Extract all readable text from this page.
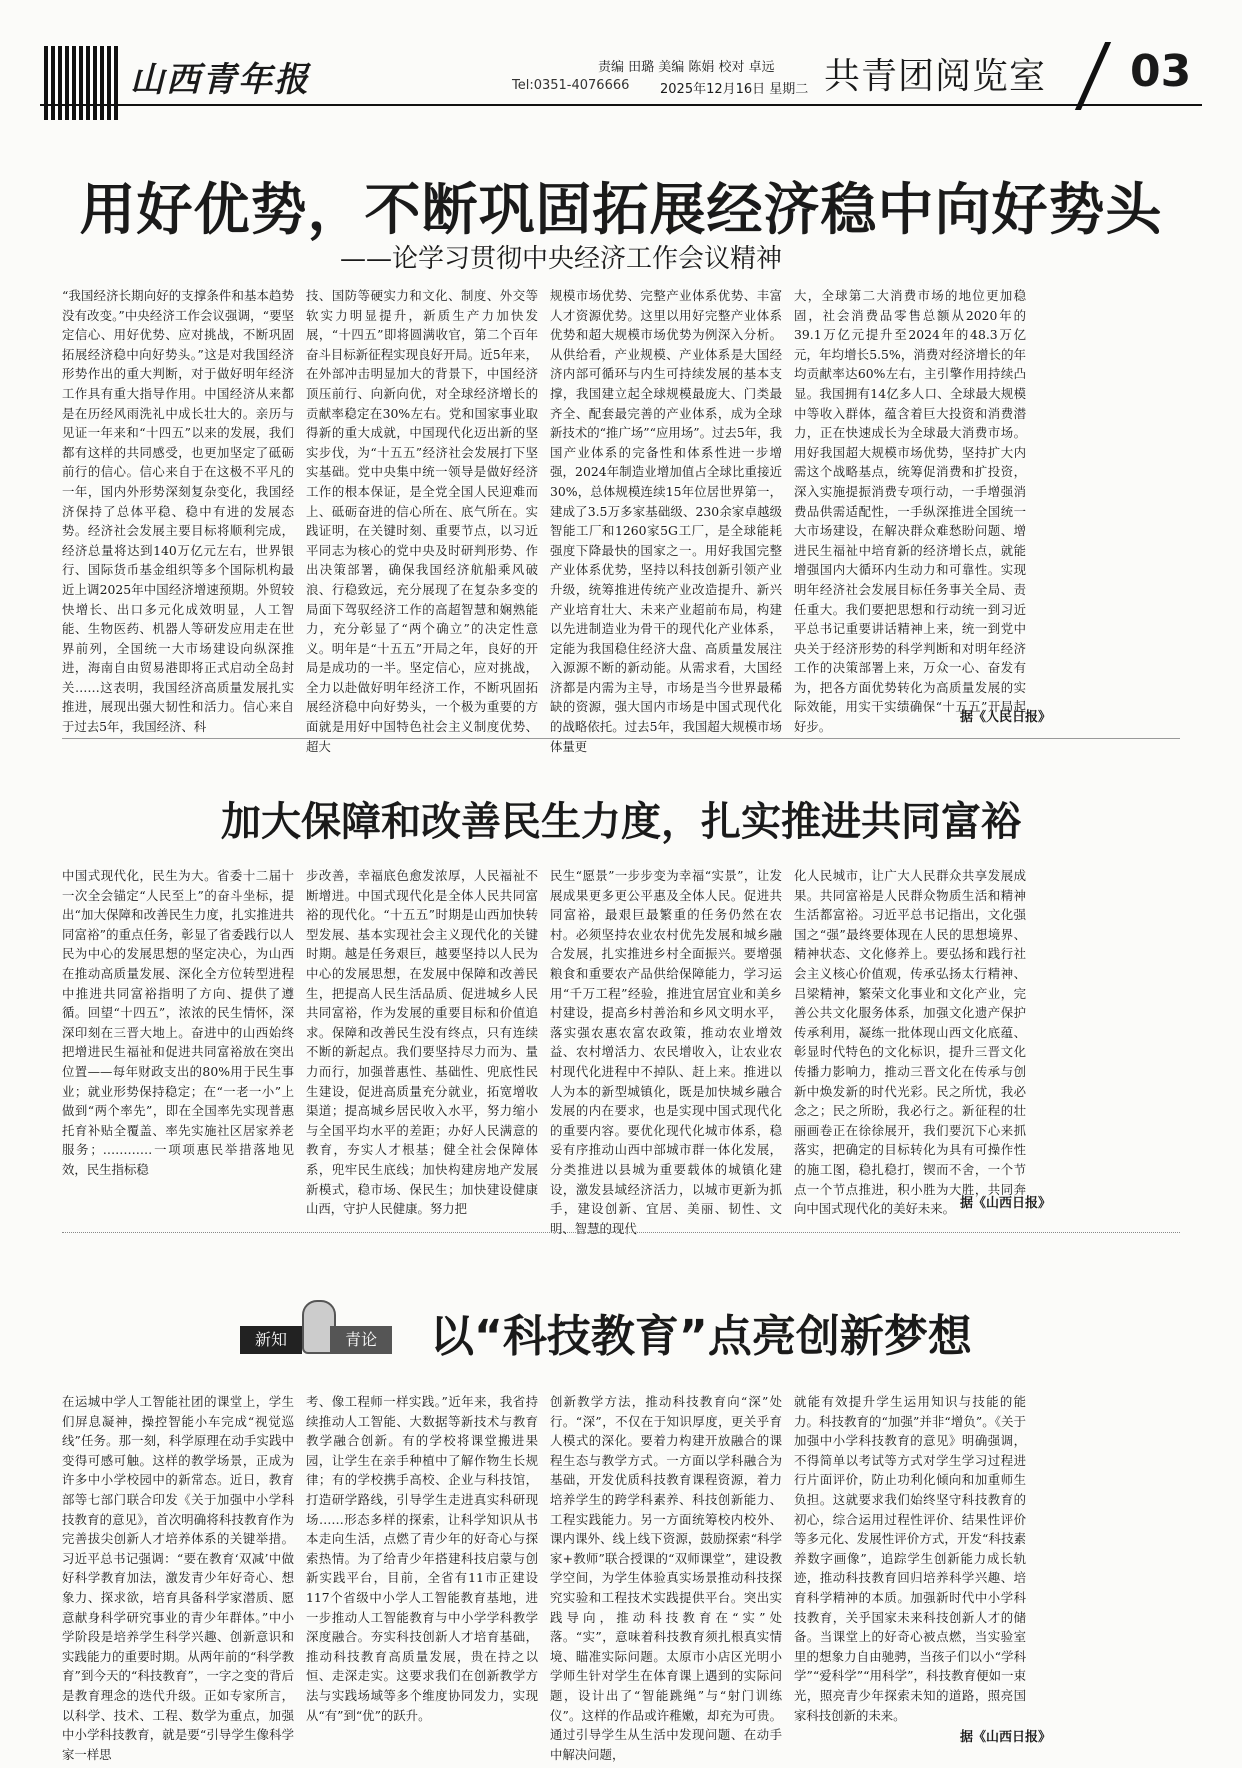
山西青年报	责编 田璐 美编 陈娟 校对 卓远
Tel:0351-4076666 2025年12月16日 星期二 共青团阅览室 03
用好优势，不断巩固拓展经济稳中向好势头
——论学习贯彻中央经济工作会议精神
“我国经济长期向好的支撑条件和基本趋势没有改变。”中央经济工作会议强调，“要坚定信心、用好优势、应对挑战，不断巩固拓展经济稳中向好势头。”这是对我国经济形势作出的重大判断，对于做好明年经济工作具有重大指导作用。中国经济从来都是在历经风雨洗礼中成长壮大的。亲历与见证一年来和“十四五”以来的发展，我们都有这样的共同感受，也更加坚定了砥砺前行的信心。信心来自于在这极不平凡的一年，国内外形势深刻复杂变化，我国经济保持了总体平稳、稳中有进的发展态势。经济社会发展主要目标将顺利完成，经济总量将达到140万亿元左右，世界银行、国际货币基金组织等多个国际机构最近上调2025年中国经济增速预期。外贸较快增长、出口多元化成效明显，人工智能、生物医药、机器人等研发应用走在世界前列，全国统一大市场建设向纵深推进，海南自由贸易港即将正式启动全岛封关……这表明，我国经济高质量发展扎实推进，展现出强大韧性和活力。信心来自于过去5年，我国经济、科
技、国防等硬实力和文化、制度、外交等软实力明显提升，新质生产力加快发展，“十四五”即将圆满收官，第二个百年奋斗目标新征程实现良好开局。近5年来，在外部冲击明显加大的背景下，中国经济顶压前行、向新向优，对全球经济增长的贡献率稳定在30%左右。党和国家事业取得新的重大成就，中国现代化迈出新的坚实步伐，为“十五五”经济社会发展打下坚实基础。党中央集中统一领导是做好经济工作的根本保证，是全党全国人民迎难而上、砥砺奋进的信心所在、底气所在。实践证明，在关键时刻、重要节点，以习近平同志为核心的党中央及时研判形势、作出决策部署，确保我国经济航船乘风破浪、行稳致远，充分展现了在复杂多变的局面下驾驭经济工作的高超智慧和娴熟能力，充分彰显了“两个确立”的决定性意义。明年是“十五五”开局之年，良好的开局是成功的一半。坚定信心，应对挑战，全力以赴做好明年经济工作，不断巩固拓展经济稳中向好势头，一个极为重要的方面就是用好中国特色社会主义制度优势、超大
规模市场优势、完整产业体系优势、丰富人才资源优势。这里以用好完整产业体系优势和超大规模市场优势为例深入分析。从供给看，产业规模、产业体系是大国经济内部可循环与内生可持续发展的基本支撑，我国建立起全球规模最庞大、门类最齐全、配套最完善的产业体系，成为全球新技术的“推广场”“应用场”。过去5年，我国产业体系的完备性和体系性进一步增强，2024年制造业增加值占全球比重接近30%，总体规模连续15年位居世界第一，建成了3.5万多家基础级、230余家卓越级智能工厂和1260家5G工厂，是全球能耗强度下降最快的国家之一。用好我国完整产业体系优势，坚持以科技创新引领产业升级，统筹推进传统产业改造提升、新兴产业培育壮大、未来产业超前布局，构建以先进制造业为骨干的现代化产业体系，定能为我国稳住经济大盘、高质量发展注入源源不断的新动能。从需求看，大国经济都是内需为主导，市场是当今世界最稀缺的资源，强大国内市场是中国式现代化的战略依托。过去5年，我国超大规模市场体量更
大，全球第二大消费市场的地位更加稳固，社会消费品零售总额从2020年的39.1万亿元提升至2024年的48.3万亿元，年均增长5.5%，消费对经济增长的年均贡献率达60%左右，主引擎作用持续凸显。我国拥有14亿多人口、全球最大规模中等收入群体，蕴含着巨大投资和消费潜力，正在快速成长为全球最大消费市场。用好我国超大规模市场优势，坚持扩大内需这个战略基点，统筹促消费和扩投资，深入实施提振消费专项行动，一手增强消费品供需适配性，一手纵深推进全国统一大市场建设，在解决群众难愁盼问题、增进民生福祉中培育新的经济增长点，就能增强国内大循环内生动力和可靠性。实现明年经济社会发展目标任务事关全局、责任重大。我们要把思想和行动统一到习近平总书记重要讲话精神上来，统一到党中央关于经济形势的科学判断和对明年经济工作的决策部署上来，万众一心、奋发有为，把各方面优势转化为高质量发展的实际效能，用实干实绩确保“十五五”开局起好步。
据《人民日报》
加大保障和改善民生力度，扎实推进共同富裕
中国式现代化，民生为大。省委十二届十一次全会锚定“人民至上”的奋斗坐标，提出“加大保障和改善民生力度，扎实推进共同富裕”的重点任务，彰显了省委践行以人民为中心的发展思想的坚定决心，为山西在推动高质量发展、深化全方位转型进程中推进共同富裕指明了方向、提供了遵循。回望“十四五”，浓浓的民生情怀，深深印刻在三晋大地上。奋进中的山西始终把增进民生福祉和促进共同富裕放在突出位置——每年财政支出的80%用于民生事业；就业形势保持稳定；在“一老一小”上做到“两个率先”，即在全国率先实现普惠托育补贴全覆盖、率先实施社区居家养老服务；…………一项项惠民举措落地见效，民生指标稳
步改善，幸福底色愈发浓厚，人民福祉不断增进。中国式现代化是全体人民共同富裕的现代化。“十五五”时期是山西加快转型发展、基本实现社会主义现代化的关键时期。越是任务艰巨，越要坚持以人民为中心的发展思想，在发展中保障和改善民生，把提高人民生活品质、促进城乡人民共同富裕，作为发展的重要目标和价值追求。保障和改善民生没有终点，只有连续不断的新起点。我们要坚持尽力而为、量力而行，加强普惠性、基础性、兜底性民生建设，促进高质量充分就业，拓宽增收渠道；提高城乡居民收入水平，努力缩小与全国平均水平的差距；办好人民满意的教育，夯实人才根基；健全社会保障体系，兜牢民生底线；加快构建房地产发展新模式，稳市场、保民生；加快建设健康山西，守护人民健康。努力把
民生“愿景”一步步变为幸福“实景”，让发展成果更多更公平惠及全体人民。促进共同富裕，最艰巨最繁重的任务仍然在农村。必须坚持农业农村优先发展和城乡融合发展，扎实推进乡村全面振兴。要增强粮食和重要农产品供给保障能力，学习运用“千万工程”经验，推进宜居宜业和美乡村建设，提高乡村善治和乡风文明水平，落实强农惠农富农政策，推动农业增效益、农村增活力、农民增收入，让农业农村现代化进程中不掉队、赶上来。推进以人为本的新型城镇化，既是加快城乡融合发展的内在要求，也是实现中国式现代化的重要内容。要优化现代化城市体系，稳妥有序推动山西中部城市群一体化发展，分类推进以县城为重要载体的城镇化建设，激发县域经济活力，以城市更新为抓手，建设创新、宜居、美丽、韧性、文明、智慧的现代
化人民城市，让广大人民群众共享发展成果。共同富裕是人民群众物质生活和精神生活都富裕。习近平总书记指出，文化强国之“强”最终要体现在人民的思想境界、精神状态、文化修养上。要弘扬和践行社会主义核心价值观，传承弘扬太行精神、吕梁精神，繁荣文化事业和文化产业，完善公共文化服务体系，加强文化遗产保护传承利用，凝练一批体现山西文化底蕴、彰显时代特色的文化标识，提升三晋文化传播力影响力，推动三晋文化在传承与创新中焕发新的时代光彩。民之所忧，我必念之；民之所盼，我必行之。新征程的壮丽画卷正在徐徐展开，我们要沉下心来抓落实，把确定的目标转化为具有可操作性的施工图，稳扎稳打，锲而不舍，一个节点一个节点推进，积小胜为大胜，共同奔向中国式现代化的美好未来。 据《山西日报》
新知	青论	以“科技教育”点亮创新梦想
在运城中学人工智能社团的课堂上，学生们屏息凝神，操控智能小车完成“视觉巡线”任务。那一刻，科学原理在动手实践中变得可感可触。这样的教学场景，正成为许多中小学校园中的新常态。近日，教育部等七部门联合印发《关于加强中小学科技教育的意见》，首次明确将科技教育作为完善拔尖创新人才培养体系的关键举措。习近平总书记强调：“要在教育‘双减’中做好科学教育加法，激发青少年好奇心、想象力、探求欲，培育具备科学家潜质、愿意献身科学研究事业的青少年群体。”中小学阶段是培养学生科学兴趣、创新意识和实践能力的重要时期。从两年前的“科学教育”到今天的“科技教育”，一字之变的背后是教育理念的迭代升级。正如专家所言，以科学、技术、工程、数学为重点，加强中小学科技教育，就是要“引导学生像科学家一样思
考、像工程师一样实践。”近年来，我省持续推动人工智能、大数据等新技术与教育教学融合创新。有的学校将课堂搬进果园，让学生在亲手种植中了解作物生长规律；有的学校携手高校、企业与科技馆，打造研学路线，引导学生走进真实科研现场……形态多样的探索，让科学知识从书本走向生活，点燃了青少年的好奇心与探索热情。为了给青少年搭建科技启蒙与创新实践平台，目前，全省有11市正建设117个省级中小学人工智能教育基地，进一步推动人工智能教育与中小学学科教学深度融合。夯实科技创新人才培育基础，推动科技教育高质量发展，贵在持之以恒、走深走实。这要求我们在创新教学方法与实践场域等多个维度协同发力，实现从“有”到“优”的跃升。
创新教学方法，推动科技教育向“深”处行。“深”，不仅在于知识厚度，更关乎育人模式的深化。要着力构建开放融合的课程生态与教学方式。一方面以学科融合为基础，开发优质科技教育课程资源，着力培养学生的跨学科素养、科技创新能力、工程实践能力。另一方面统筹校内校外、课内课外、线上线下资源，鼓励探索“科学家+教师”联合授课的“双师课堂”，建设教学空间，为学生体验真实场景推动科技探究实验和工程技术实践提供平台。突出实践导向，推动科技教育在“实”处落。“实”，意味着科技教育须扎根真实情境、瞄准实际问题。太原市小店区光明小学师生针对学生在体育课上遇到的实际问题，设计出了“智能跳绳”与“射门训练仪”。这样的作品或许稚嫩，却充为可贵。通过引导学生从生活中发现问题、在动手中解决问题，
就能有效提升学生运用知识与技能的能力。科技教育的“加强”并非“增负”。《关于加强中小学科技教育的意见》明确强调，不得简单以考试等方式对学生学习过程进行片面评价，防止功利化倾向和加重师生负担。这就要求我们始终坚守科技教育的初心，综合运用过程性评价、结果性评价等多元化、发展性评价方式，开发“科技素养数字画像”，追踪学生创新能力成长轨迹，推动科技教育回归培养科学兴趣、培育科学精神的本质。加强新时代中小学科技教育，关乎国家未来科技创新人才的储备。当课堂上的好奇心被点燃，当实验室里的想象力自由驰骋，当孩子们以小“学科学”“爱科学”“用科学”，科技教育便如一束光，照亮青少年探索未知的道路，照亮国家科技创新的未来。
据《山西日报》
